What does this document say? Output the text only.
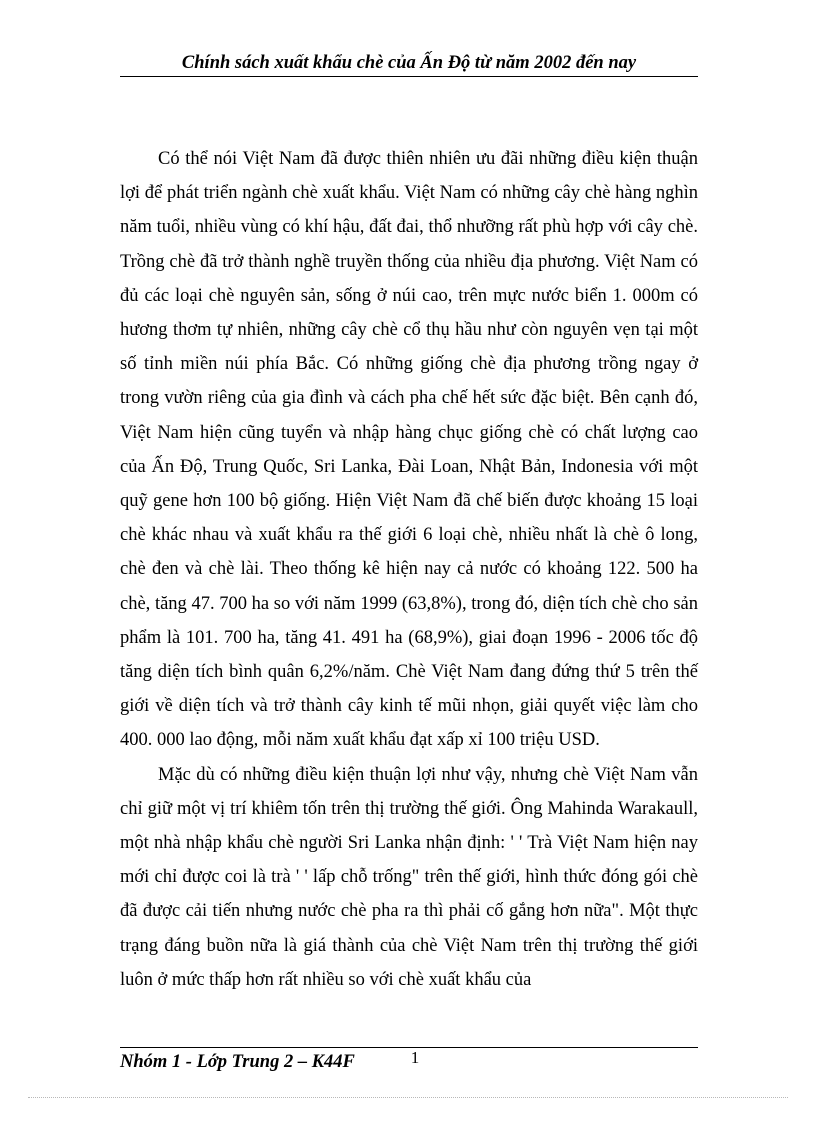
Chính sách xuất khẩu chè của Ấn Độ từ năm 2002 đến nay

Có thể nói Việt Nam đã được thiên nhiên ưu đãi những điều kiện thuận lợi để phát triển ngành chè xuất khẩu. Việt Nam có những cây chè hàng nghìn năm tuổi, nhiều vùng có khí hậu, đất đai, thổ nhưỡng rất phù hợp với cây chè. Trồng chè đã trở thành nghề truyền thống của nhiều địa phương. Việt Nam có đủ các loại chè nguyên sản, sống ở núi cao, trên mực nước biển 1. 000m có hương thơm tự nhiên, những cây chè cổ thụ hầu như còn nguyên vẹn tại một số tỉnh miền núi phía Bắc. Có những giống chè địa phương trồng ngay ở trong vườn riêng của gia đình và cách pha chế hết sức đặc biệt. Bên cạnh đó, Việt Nam hiện cũng tuyển và nhập hàng chục giống chè có chất lượng cao của Ấn Độ, Trung Quốc, Sri Lanka, Đài Loan, Nhật Bản, Indonesia với một quỹ gene hơn 100 bộ giống. Hiện Việt Nam đã chế biến được khoảng 15 loại chè khác nhau và xuất khẩu ra thế giới 6 loại chè, nhiều nhất là chè ô long, chè đen và chè lài. Theo thống kê hiện nay cả nước có khoảng 122. 500 ha chè, tăng 47. 700 ha so với năm 1999 (63,8%), trong đó, diện tích chè cho sản phẩm là 101. 700 ha, tăng 41. 491 ha (68,9%), giai đoạn 1996 - 2006 tốc độ tăng diện tích bình quân 6,2%/năm. Chè Việt Nam đang đứng thứ 5 trên thế giới về diện tích và trở thành cây kinh tế mũi nhọn, giải quyết việc làm cho 400. 000 lao động, mỗi năm xuất khẩu đạt xấp xỉ 100 triệu USD.

Mặc dù có những điều kiện thuận lợi như vậy, nhưng chè Việt Nam vẫn chỉ giữ một vị trí khiêm tốn trên thị trường thế giới. Ông Mahinda Warakaull, một nhà nhập khẩu chè người Sri Lanka nhận định: ' ' Trà Việt Nam hiện nay mới chỉ được coi là trà ' ' lấp chỗ trống" trên thế giới, hình thức đóng gói chè đã được cải tiến nhưng nước chè pha ra thì phải cố gắng hơn nữa". Một thực trạng đáng buồn nữa là giá thành của chè Việt Nam trên thị trường thế giới luôn ở mức thấp hơn rất nhiều so với chè xuất khẩu của

Nhóm 1 - Lớp Trung 2 – K44F	1
